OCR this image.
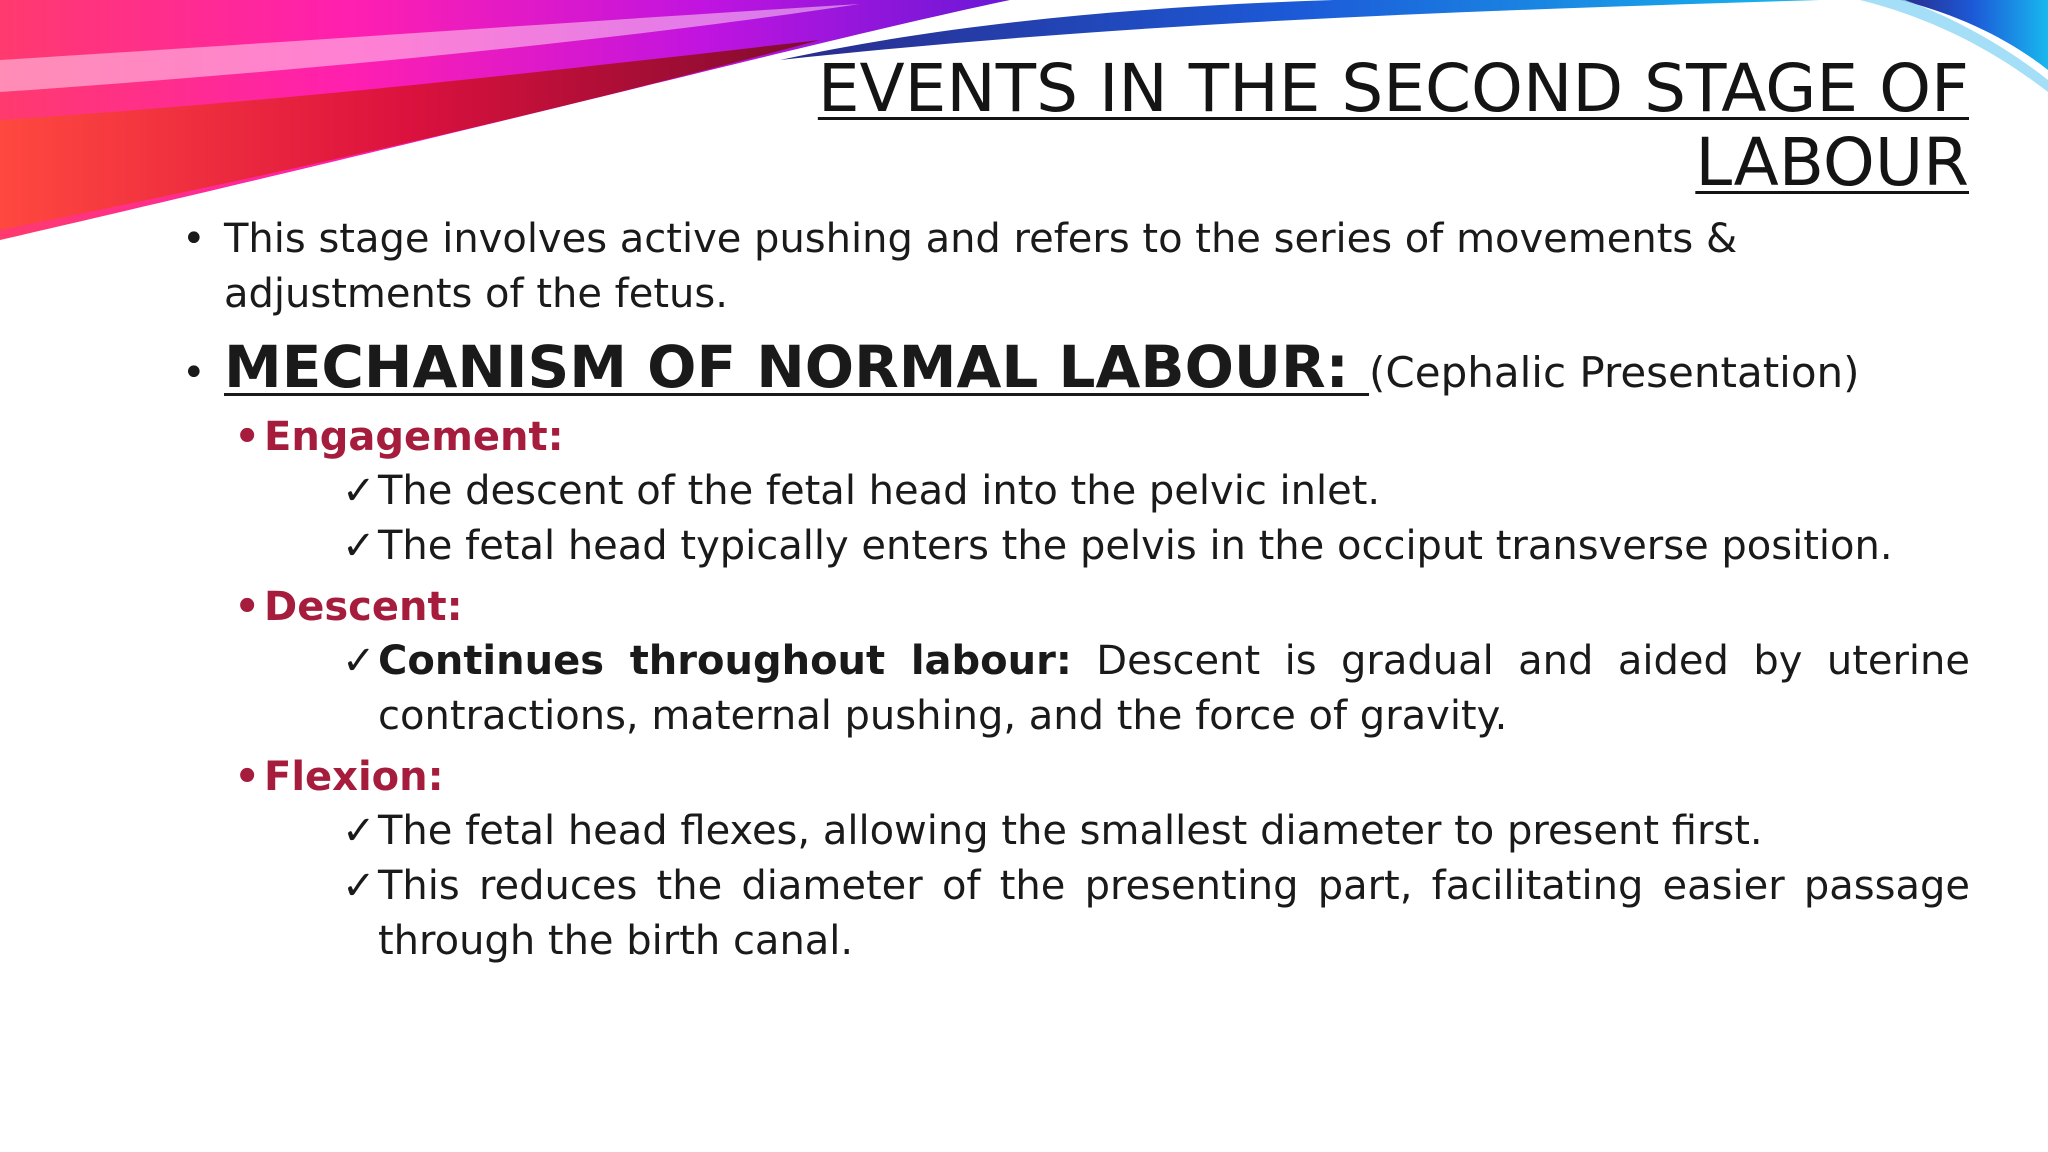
EVENTS IN THE SECOND STAGE OF
LABOUR
• This stage involves active pushing and refers to the series of movements & adjustments of the fetus.
• MECHANISM OF NORMAL LABOUR: (Cephalic Presentation)
• Engagement:
✓ The descent of the fetal head into the pelvic inlet.
✓ The fetal head typically enters the pelvis in the occiput transverse position.
• Descent:
✓ Continues throughout labour: Descent is gradual and aided by uterine contractions, maternal pushing, and the force of gravity.
• Flexion:
✓ The fetal head flexes, allowing the smallest diameter to present first.
✓ This reduces the diameter of the presenting part, facilitating easier passage through the birth canal.
